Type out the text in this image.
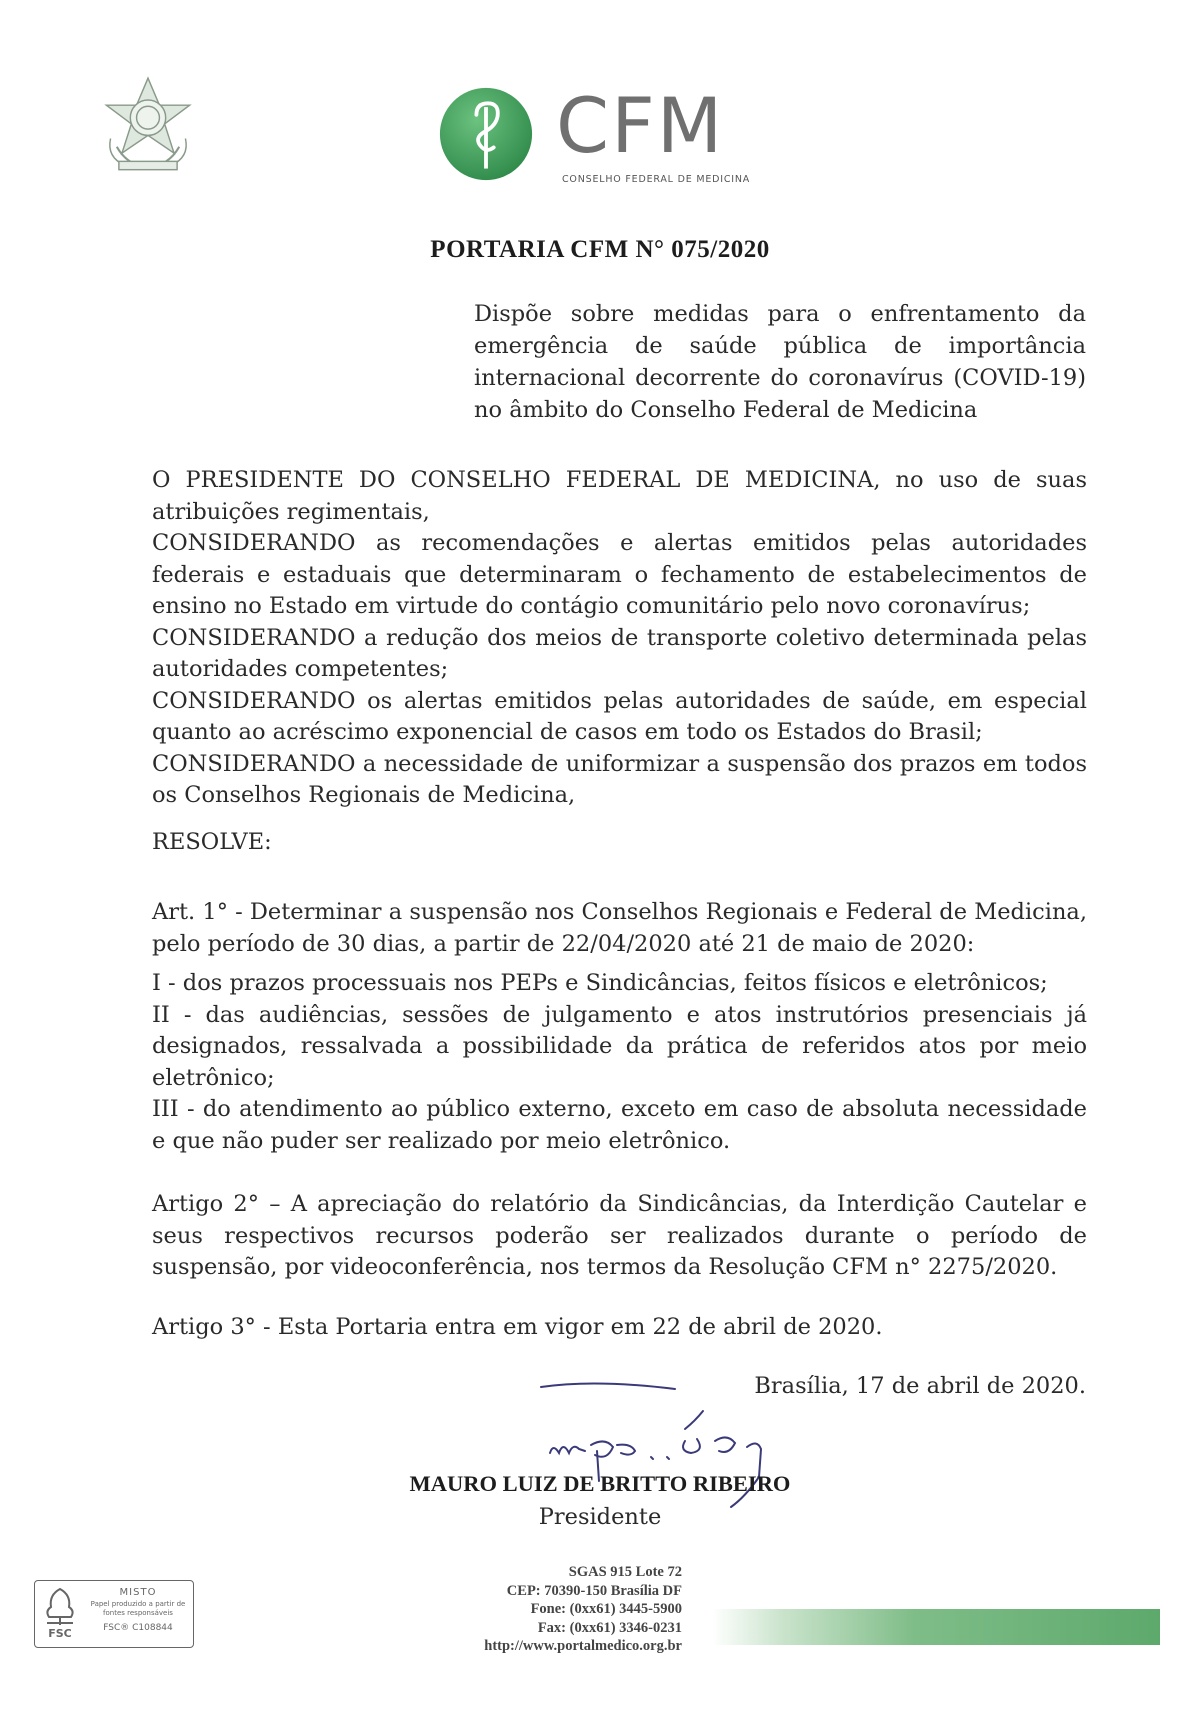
CFM
CONSELHO FEDERAL DE MEDICINA
PORTARIA CFM N° 075/2020
Dispõe sobre medidas para o enfrentamento da emergência de saúde pública de importância internacional decorrente do coronavírus (COVID-19) no âmbito do Conselho Federal de Medicina

O PRESIDENTE DO CONSELHO FEDERAL DE MEDICINA, no uso de suas atribuições regimentais,

CONSIDERANDO as recomendações e alertas emitidos pelas autoridades federais e estaduais que determinaram o fechamento de estabelecimentos de ensino no Estado em virtude do contágio comunitário pelo novo coronavírus;

CONSIDERANDO a redução dos meios de transporte coletivo determinada pelas autoridades competentes;

CONSIDERANDO os alertas emitidos pelas autoridades de saúde, em especial quanto ao acréscimo exponencial de casos em todo os Estados do Brasil;

CONSIDERANDO a necessidade de uniformizar a suspensão dos prazos em todos os Conselhos Regionais de Medicina,

RESOLVE:

Art. 1° - Determinar a suspensão nos Conselhos Regionais e Federal de Medicina, pelo período de 30 dias, a partir de 22/04/2020 até 21 de maio de 2020:

I - dos prazos processuais nos PEPs e Sindicâncias, feitos físicos e eletrônicos;

II - das audiências, sessões de julgamento e atos instrutórios presenciais já designados, ressalvada a possibilidade da prática de referidos atos por meio eletrônico;

III - do atendimento ao público externo, exceto em caso de absoluta necessidade e que não puder ser realizado por meio eletrônico.

Artigo 2° – A apreciação do relatório da Sindicâncias, da Interdição Cautelar e seus respectivos recursos poderão ser realizados durante o período de suspensão, por videoconferência, nos termos da Resolução CFM n° 2275/2020.
Artigo 3° - Esta Portaria entra em vigor em 22 de abril de 2020.
Brasília, 17 de abril de 2020.
MAURO LUIZ DE BRITTO RIBEIRO
Presidente
SGAS 915 Lote 72
CEP: 70390-150 Brasília DF
Fone: (0xx61) 3445-5900
Fax: (0xx61) 3346-0231
http://www.portalmedico.org.br
FSC
MISTO
Papel produzido a partir de fontes responsáveis
FSC® C108844
